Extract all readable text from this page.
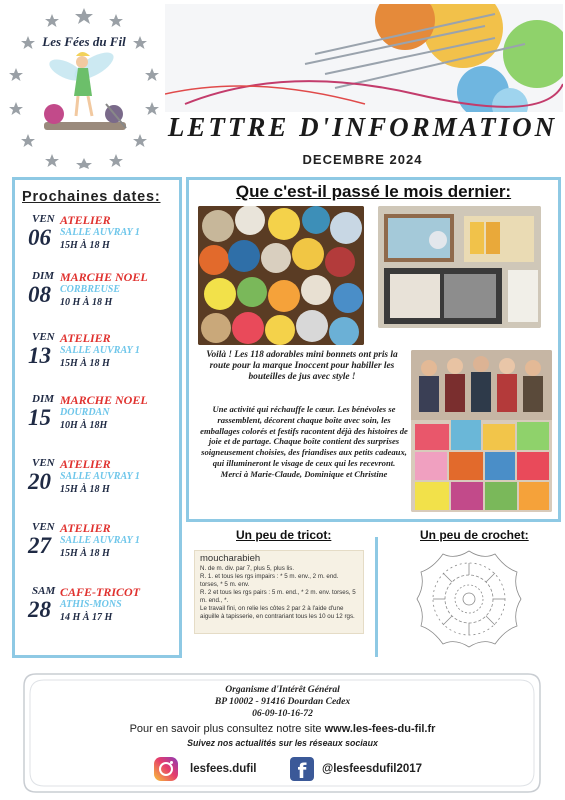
Les Fées du Fil
LETTRE D'INFORMATION
DECEMBRE 2024
Prochaines dates:
VEN
06
ATELIER
SALLE AUVRAY 1
15H À 18 H
DIM
08
MARCHE NOEL
CORBREUSE
10 H À 18 H
VEN
13
ATELIER
SALLE AUVRAY 1
15H À 18 H
DIM
15
MARCHE NOEL
DOURDAN
10H À 18H
VEN
20
ATELIER
SALLE AUVRAY 1
15H À 18 H
VEN
27
ATELIER
SALLE AUVRAY 1
15H À 18 H
SAM
28
CAFE-TRICOT
ATHIS-MONS
14 H À 17 H
Que c'est-il passé le mois dernier:
Voilà ! Les 118 adorables mini bonnets ont pris la route pour la marque Inoccent pour habiller les bouteilles de jus avec style !
Une activité qui réchauffe le cœur. Les bénévoles se rassemblent, décorent chaque boîte avec soin, les emballages colorés et festifs racontent déjà des histoires de joie et de partage. Chaque boîte contient des surprises soigneusement choisies, des friandises aux petits cadeaux, qui illumineront le visage de ceux qui les recevront.
Merci à Marie-Claude, Dominique et Christine
Un peu de tricot:	Un peu de crochet:
moucharabieh
N. de m. div. par 7, plus 5, plus lis.
R. 1. et tous les rgs impairs : * 5 m. env., 2 m. end. torses, * 5 m. env.
R. 2 et tous les rgs pairs : 5 m. end., * 2 m. env. torses, 5 m. end., *.
Le travail fini, on relie les côtes 2 par 2 à l'aide d'une aiguille à tapisserie, en contrariant tous les 10 ou 12 rgs.
Organisme d'Intérêt Général
BP 10002 - 91416 Dourdan Cedex
06-09-10-16-72
Pour en savoir plus consultez notre site www.les-fees-du-fil.fr
Suivez nos actualités sur les réseaux sociaux
lesfees.dufil	f	@lesfeesdufil2017
